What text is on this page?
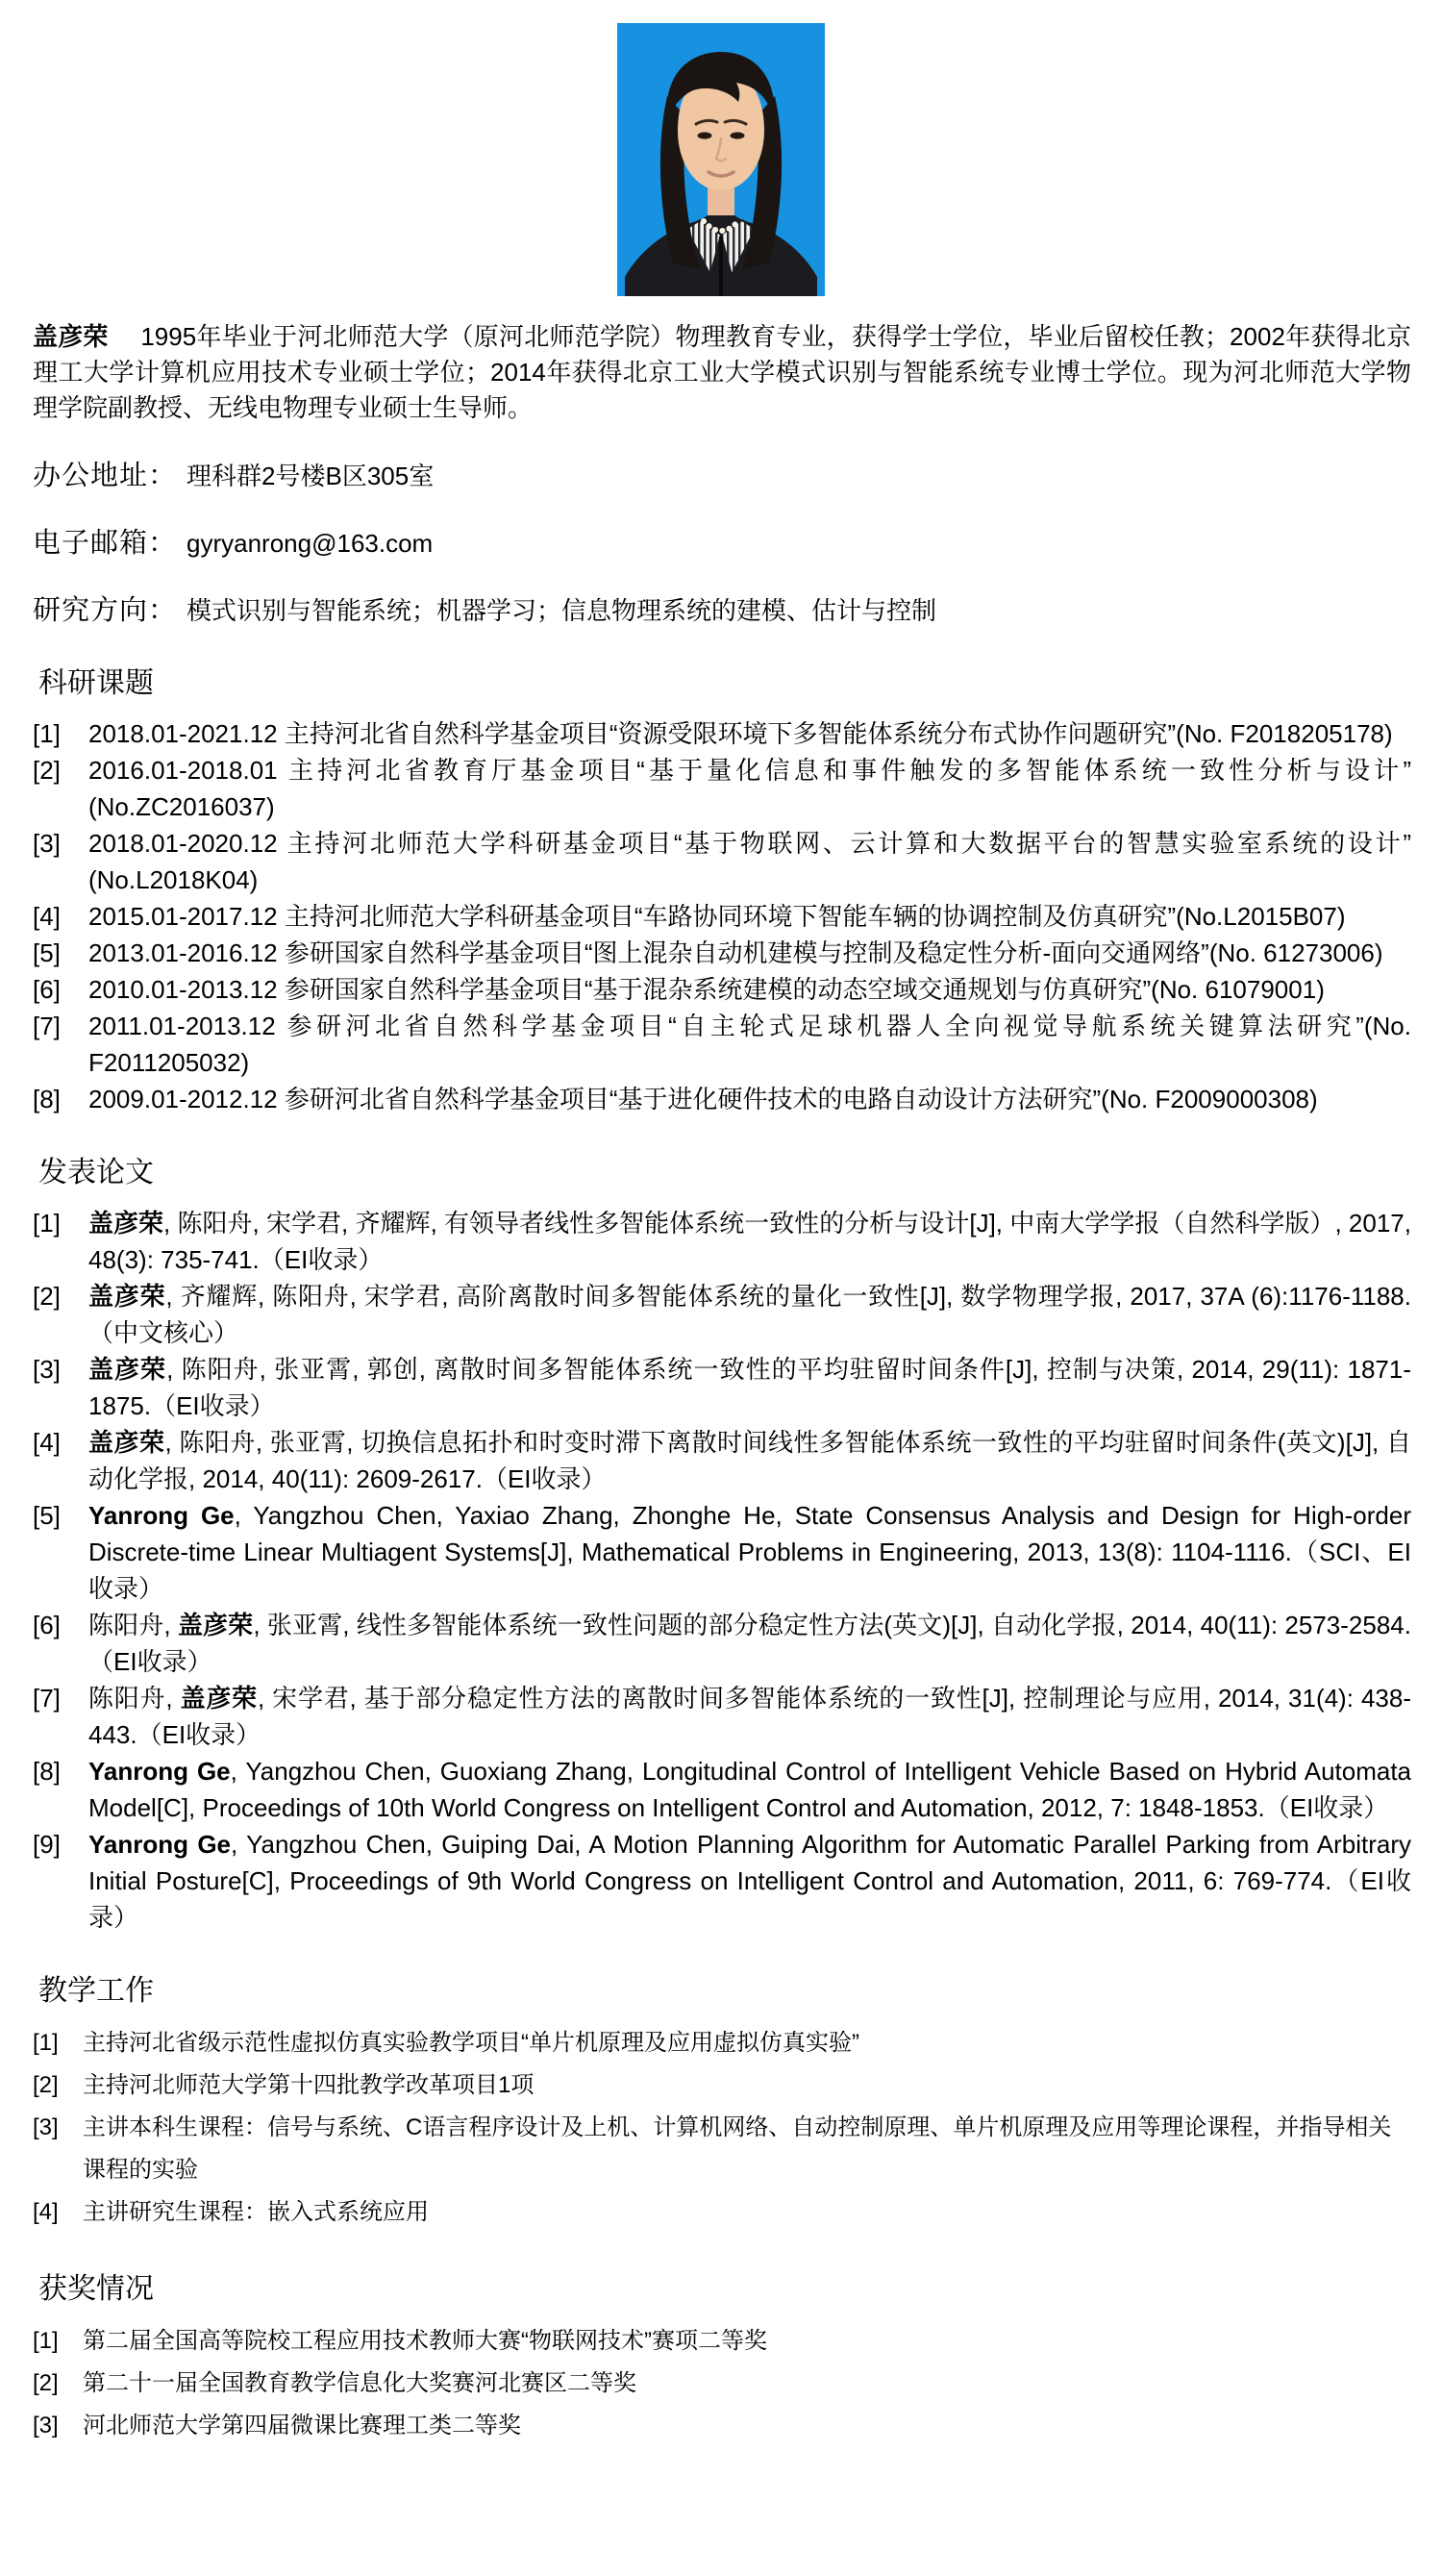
盖彦荣　 1995年毕业于河北师范大学（原河北师范学院）物理教育专业，获得学士学位，毕业后留校任教；2002年获得北京理工大学计算机应用技术专业硕士学位；2014年获得北京工业大学模式识别与智能系统专业博士学位。现为河北师范大学物理学院副教授、无线电物理专业硕士生导师。

办公地址： 理科群2号楼B区305室
电子邮箱： gyryanrong@163.com
研究方向： 模式识别与智能系统；机器学习；信息物理系统的建模、估计与控制
科研课题
[1]	2018.01-2021.12 主持河北省自然科学基金项目“资源受限环境下多智能体系统分布式协作问题研究”(No. F2018205178)
[2]	2016.01-2018.01 主持河北省教育厅基金项目“基于量化信息和事件触发的多智能体系统一致性分析与设计”(No.ZC2016037)
[3]	2018.01-2020.12 主持河北师范大学科研基金项目“基于物联网、云计算和大数据平台的智慧实验室系统的设计”(No.L2018K04)
[4]	2015.01-2017.12 主持河北师范大学科研基金项目“车路协同环境下智能车辆的协调控制及仿真研究”(No.L2015B07)
[5]	2013.01-2016.12 参研国家自然科学基金项目“图上混杂自动机建模与控制及稳定性分析-面向交通网络”(No. 61273006)
[6]	2010.01-2013.12 参研国家自然科学基金项目“基于混杂系统建模的动态空域交通规划与仿真研究”(No. 61079001)
[7]	2011.01-2013.12 参研河北省自然科学基金项目“自主轮式足球机器人全向视觉导航系统关键算法研究”(No. F2011205032)
[8]	2009.01-2012.12 参研河北省自然科学基金项目“基于进化硬件技术的电路自动设计方法研究”(No. F2009000308)
发表论文
[1]	盖彦荣, 陈阳舟, 宋学君, 齐耀辉, 有领导者线性多智能体系统一致性的分析与设计[J], 中南大学学报（自然科学版）, 2017, 48(3): 735-741.（EI收录）
[2]	盖彦荣, 齐耀辉, 陈阳舟, 宋学君, 高阶离散时间多智能体系统的量化一致性[J], 数学物理学报, 2017, 37A (6):1176-1188.（中文核心）
[3]	盖彦荣, 陈阳舟, 张亚霄, 郭创, 离散时间多智能体系统一致性的平均驻留时间条件[J], 控制与决策, 2014, 29(11): 1871-1875.（EI收录）
[4]	盖彦荣, 陈阳舟, 张亚霄, 切换信息拓扑和时变时滞下离散时间线性多智能体系统一致性的平均驻留时间条件(英文)[J], 自动化学报, 2014, 40(11): 2609-2617.（EI收录）
[5]	Yanrong Ge, Yangzhou Chen, Yaxiao Zhang, Zhonghe He, State Consensus Analysis and Design for High-order Discrete-time Linear Multiagent Systems[J], Mathematical Problems in Engineering, 2013, 13(8): 1104-1116.（SCI、EI收录）
[6]	陈阳舟, 盖彦荣, 张亚霄, 线性多智能体系统一致性问题的部分稳定性方法(英文)[J], 自动化学报, 2014, 40(11): 2573-2584.（EI收录）
[7]	陈阳舟, 盖彦荣, 宋学君, 基于部分稳定性方法的离散时间多智能体系统的一致性[J], 控制理论与应用, 2014, 31(4): 438-443.（EI收录）
[8]	Yanrong Ge, Yangzhou Chen, Guoxiang Zhang, Longitudinal Control of Intelligent Vehicle Based on Hybrid Automata Model[C], Proceedings of 10th World Congress on Intelligent Control and Automation, 2012, 7: 1848-1853.（EI收录）
[9]	Yanrong Ge, Yangzhou Chen, Guiping Dai, A Motion Planning Algorithm for Automatic Parallel Parking from Arbitrary Initial Posture[C], Proceedings of 9th World Congress on Intelligent Control and Automation, 2011, 6: 769-774.（EI收录）
教学工作
[1]	主持河北省级示范性虚拟仿真实验教学项目“单片机原理及应用虚拟仿真实验”
[2]	主持河北师范大学第十四批教学改革项目1项
[3]	主讲本科生课程：信号与系统、C语言程序设计及上机、计算机网络、自动控制原理、单片机原理及应用等理论课程，并指导相关课程的实验
[4]	主讲研究生课程：嵌入式系统应用
获奖情况
[1]	第二届全国高等院校工程应用技术教师大赛“物联网技术”赛项二等奖
[2]	第二十一届全国教育教学信息化大奖赛河北赛区二等奖
[3]	河北师范大学第四届微课比赛理工类二等奖
